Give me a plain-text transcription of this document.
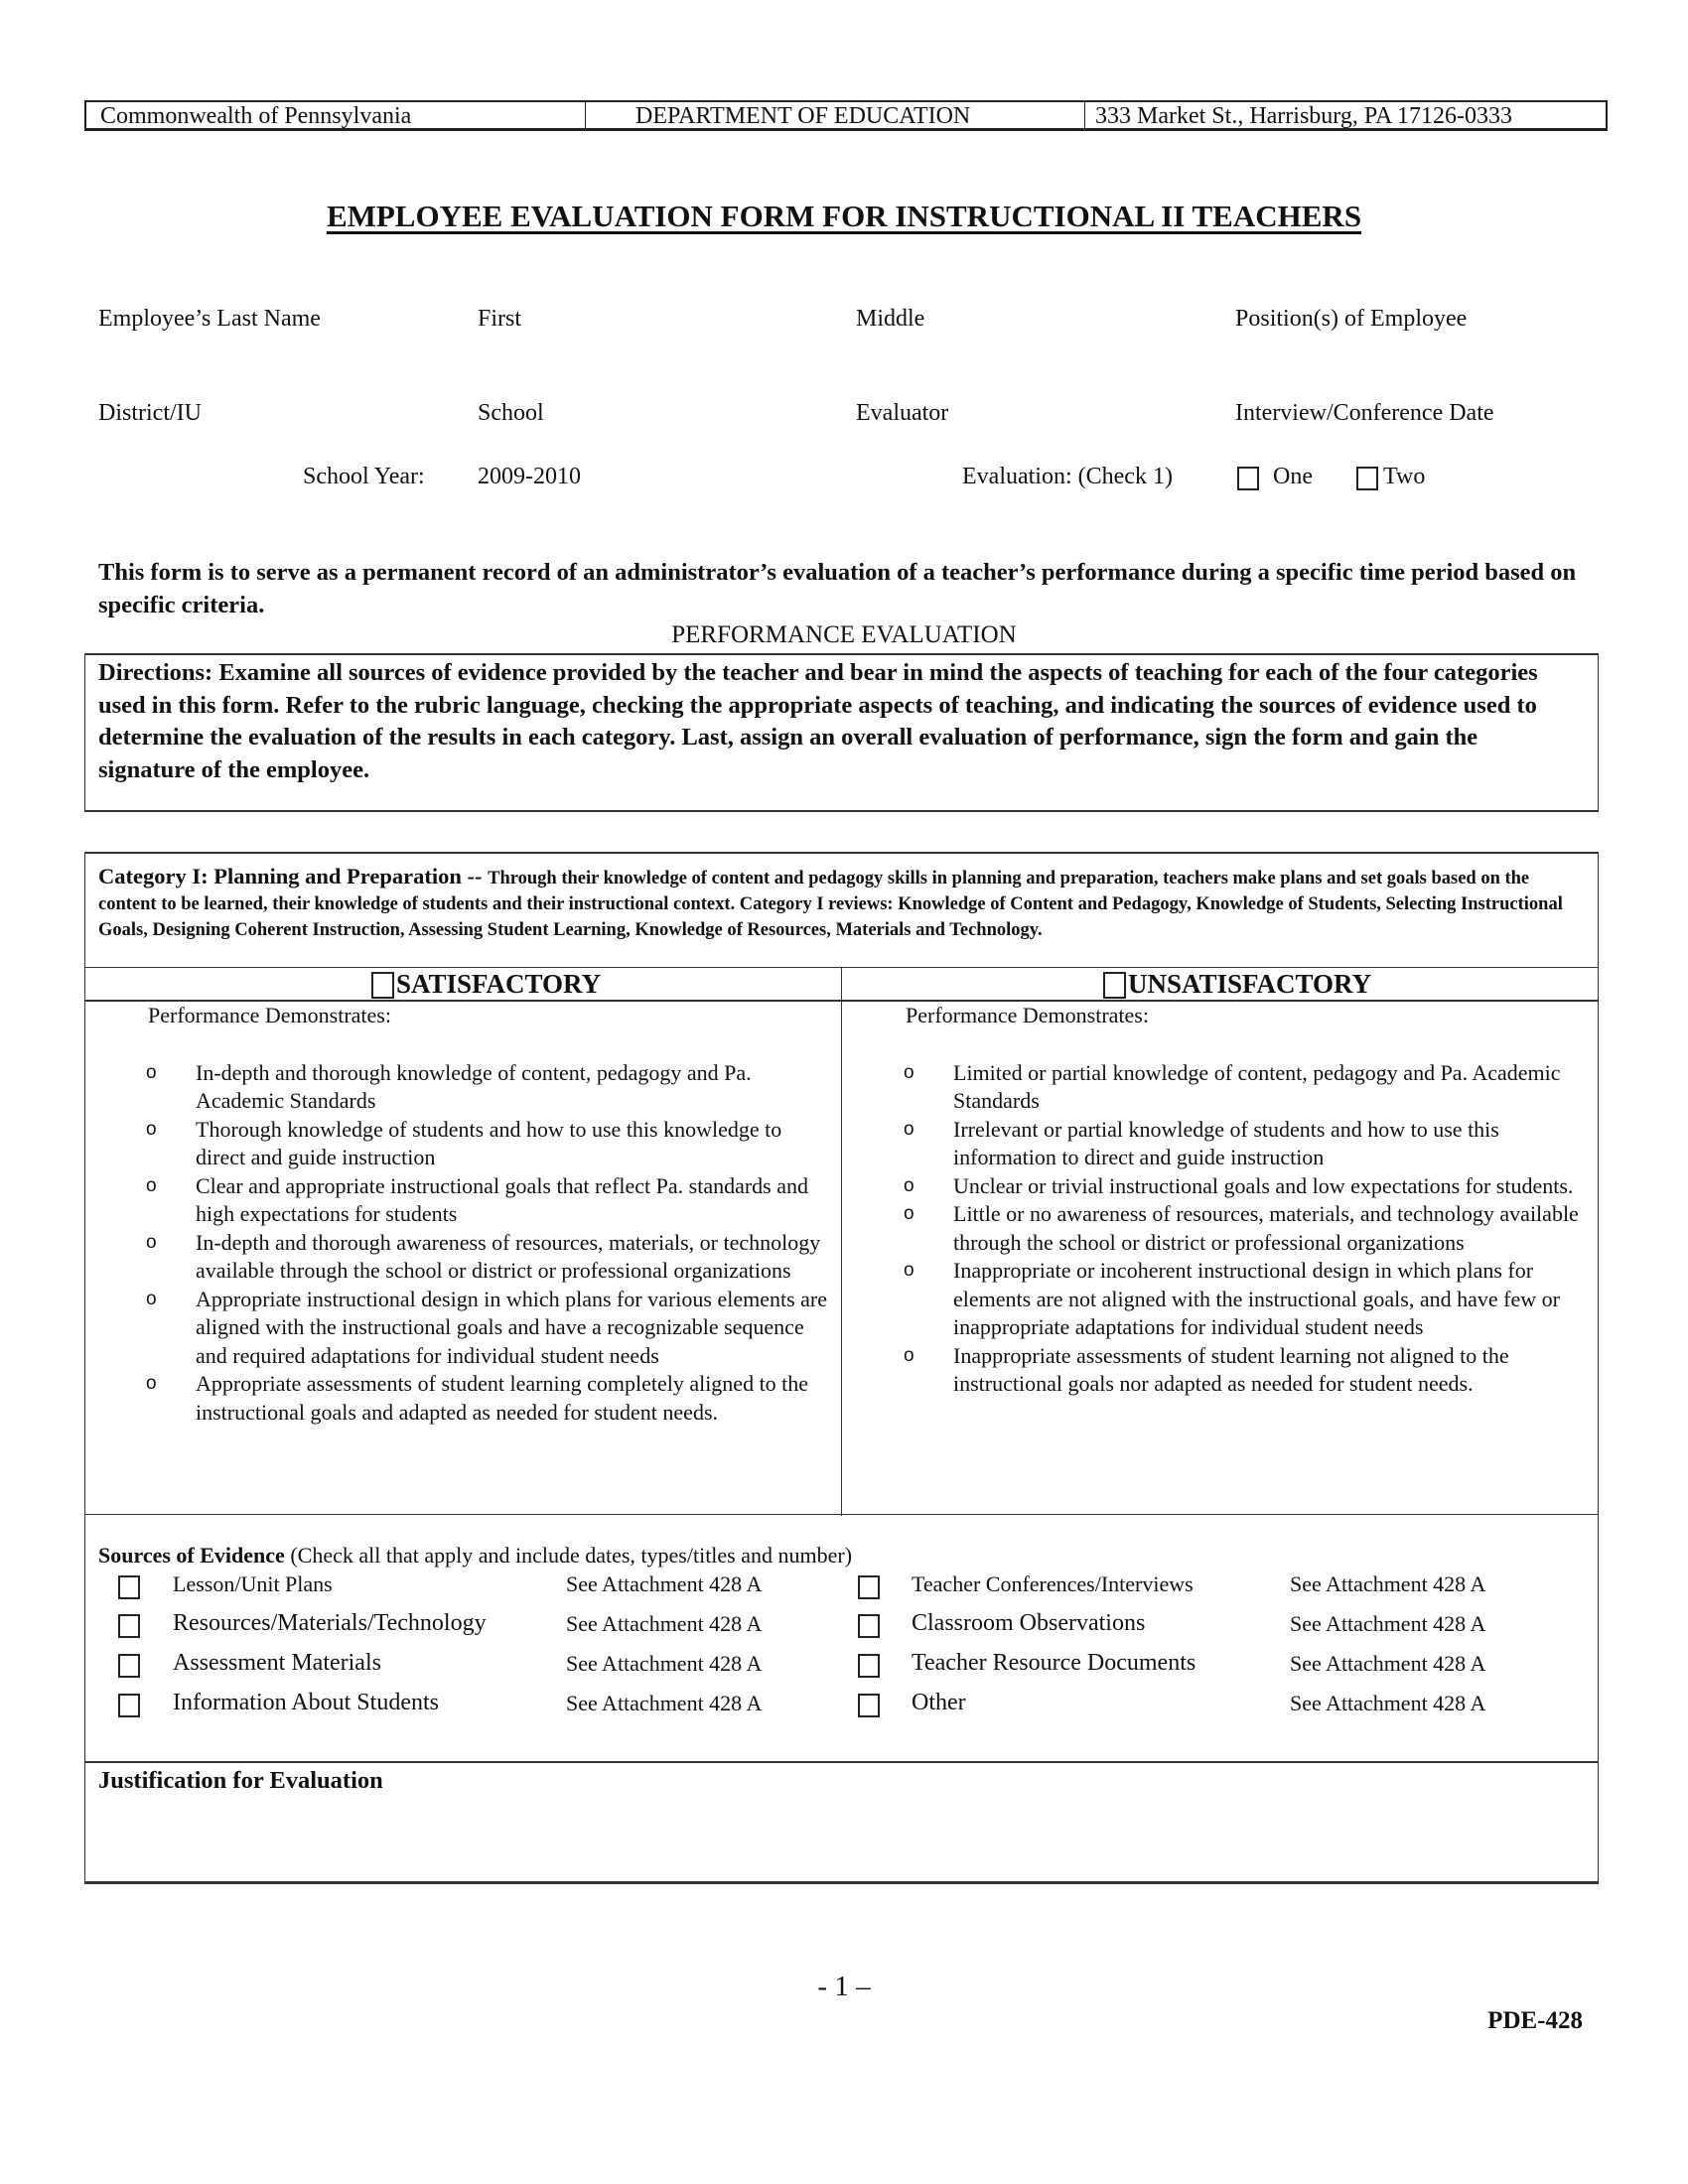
Commonwealth of Pennsylvania	DEPARTMENT OF EDUCATION	333 Market St., Harrisburg, PA 17126-0333
EMPLOYEE EVALUATION FORM FOR INSTRUCTIONAL II TEACHERS
Employee’s Last Name	First	Middle	Position(s) of Employee
District/IU	School	Evaluator	Interview/Conference Date
School Year: 2009-2010	Evaluation: (Check 1)	One	Two
This form is to serve as a permanent record of an administrator’s evaluation of a teacher’s performance during a specific time period based on specific criteria.
PERFORMANCE EVALUATION
Directions: Examine all sources of evidence provided by the teacher and bear in mind the aspects of teaching for each of the four categories used in this form. Refer to the rubric language, checking the appropriate aspects of teaching, and indicating the sources of evidence used to determine the evaluation of the results in each category. Last, assign an overall evaluation of performance, sign the form and gain the signature of the employee.
Category I: Planning and Preparation -- Through their knowledge of content and pedagogy skills in planning and preparation, teachers make plans and set goals based on the content to be learned, their knowledge of students and their instructional context. Category I reviews: Knowledge of Content and Pedagogy, Knowledge of Students, Selecting Instructional Goals, Designing Coherent Instruction, Assessing Student Learning, Knowledge of Resources, Materials and Technology.
SATISFACTORY	UNSATISFACTORY
Performance Demonstrates:
o In-depth and thorough knowledge of content, pedagogy and Pa. Academic Standards
o Thorough knowledge of students and how to use this knowledge to direct and guide instruction
o Clear and appropriate instructional goals that reflect Pa. standards and high expectations for students
o In-depth and thorough awareness of resources, materials, or technology available through the school or district or professional organizations
o Appropriate instructional design in which plans for various elements are aligned with the instructional goals and have a recognizable sequence and required adaptations for individual student needs
o Appropriate assessments of student learning completely aligned to the instructional goals and adapted as needed for student needs.
Performance Demonstrates:
o Limited or partial knowledge of content, pedagogy and Pa. Academic Standards
o Irrelevant or partial knowledge of students and how to use this information to direct and guide instruction
o Unclear or trivial instructional goals and low expectations for students.
o Little or no awareness of resources, materials, and technology available through the school or district or professional organizations
o Inappropriate or incoherent instructional design in which plans for elements are not aligned with the instructional goals, and have few or inappropriate adaptations for individual student needs
o Inappropriate assessments of student learning not aligned to the instructional goals nor adapted as needed for student needs.
Sources of Evidence (Check all that apply and include dates, types/titles and number)
Lesson/Unit Plans	See Attachment 428 A
Resources/Materials/Technology	See Attachment 428 A
Assessment Materials	See Attachment 428 A
Information About Students	See Attachment 428 A
Teacher Conferences/Interviews	See Attachment 428 A
Classroom Observations	See Attachment 428 A
Teacher Resource Documents	See Attachment 428 A
Other	See Attachment 428 A
Justification for Evaluation
- 1 –
PDE-428
